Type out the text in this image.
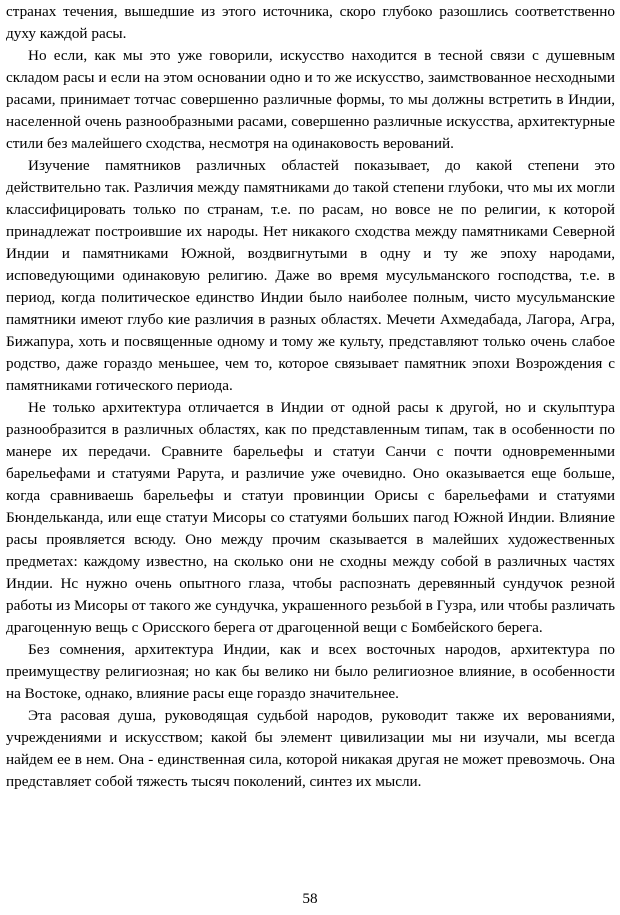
странах течения, вышедшие из этого источника, скоро глубоко разошлись соответственно духу каждой расы.

Но если, как мы это уже говорили, искусство находится в тесной связи с душевным складом расы и если на этом основании одно и то же искусство, заимствованное несходными расами, принимает тотчас совершенно различные формы, то мы должны встретить в Индии, населенной очень разнообразными расами, совершенно различные искусства, архитектурные стили без малейшего сходства, несмотря на одинаковость верований.

Изучение памятников различных областей показывает, до какой степени это действительно так. Различия между памятниками до такой степени глубоки, что мы их могли классифицировать только по странам, т.е. по расам, но вовсе не по религии, к которой принадлежат построившие их народы. Нет никакого сходства между памятниками Северной Индии и памятниками Южной, воздвигнутыми в одну и ту же эпоху народами, исповедующими одинаковую религию. Даже во время мусульманского господства, т.е. в период, когда политическое единство Индии было наиболее полным, чисто мусульманские памятники имеют глубо кие различия в разных областях. Мечети Ахмедабада, Лагора, Агра, Бижапура, хоть и посвященные одному и тому же культу, представляют только очень слабое родство, даже гораздо меньшее, чем то, которое связывает памятник эпохи Возрождения с памятниками готического периода.

Не только архитектура отличается в Индии от одной расы к другой, но и скульптура разнообразится в различных областях, как по представленным типам, так в особенности по манере их передачи. Сравните барельефы и статуи Санчи с почти одновременными барельефами и статуями Рарута, и различие уже очевидно. Оно оказывается еще больше, когда сравниваешь барельефы и статуи провинции Орисы с барельефами и статуями Бюндельканда, или еще статуи Мисоры со статуями больших пагод Южной Индии. Влияние расы проявляется всюду. Оно между прочим сказывается в малейших художественных предметах: каждому известно, на сколько они не сходны между собой в различных частях Индии. Нс нужно очень опытного глаза, чтобы распознать деревянный сундучок резной работы из Мисоры от такого же сундучка, украшенного резьбой в Гузра, или чтобы различать драгоценную вещь с Орисского берега от драгоценной вещи с Бомбейского берега.

Без сомнения, архитектура Индии, как и всех восточных народов, архитектура по преимуществу религиозная; но как бы велико ни было религиозное влияние, в особенности на Востоке, однако, влияние расы еще гораздо значительнее.

Эта расовая душа, руководящая судьбой народов, руководит также их верованиями, учреждениями и искусством; какой бы элемент цивилизации мы ни изучали, мы всегда найдем ее в нем. Она - единственная сила, которой никакая другая не может превозмочь. Она представляет собой тяжесть тысяч поколений, синтез их мысли.

58
